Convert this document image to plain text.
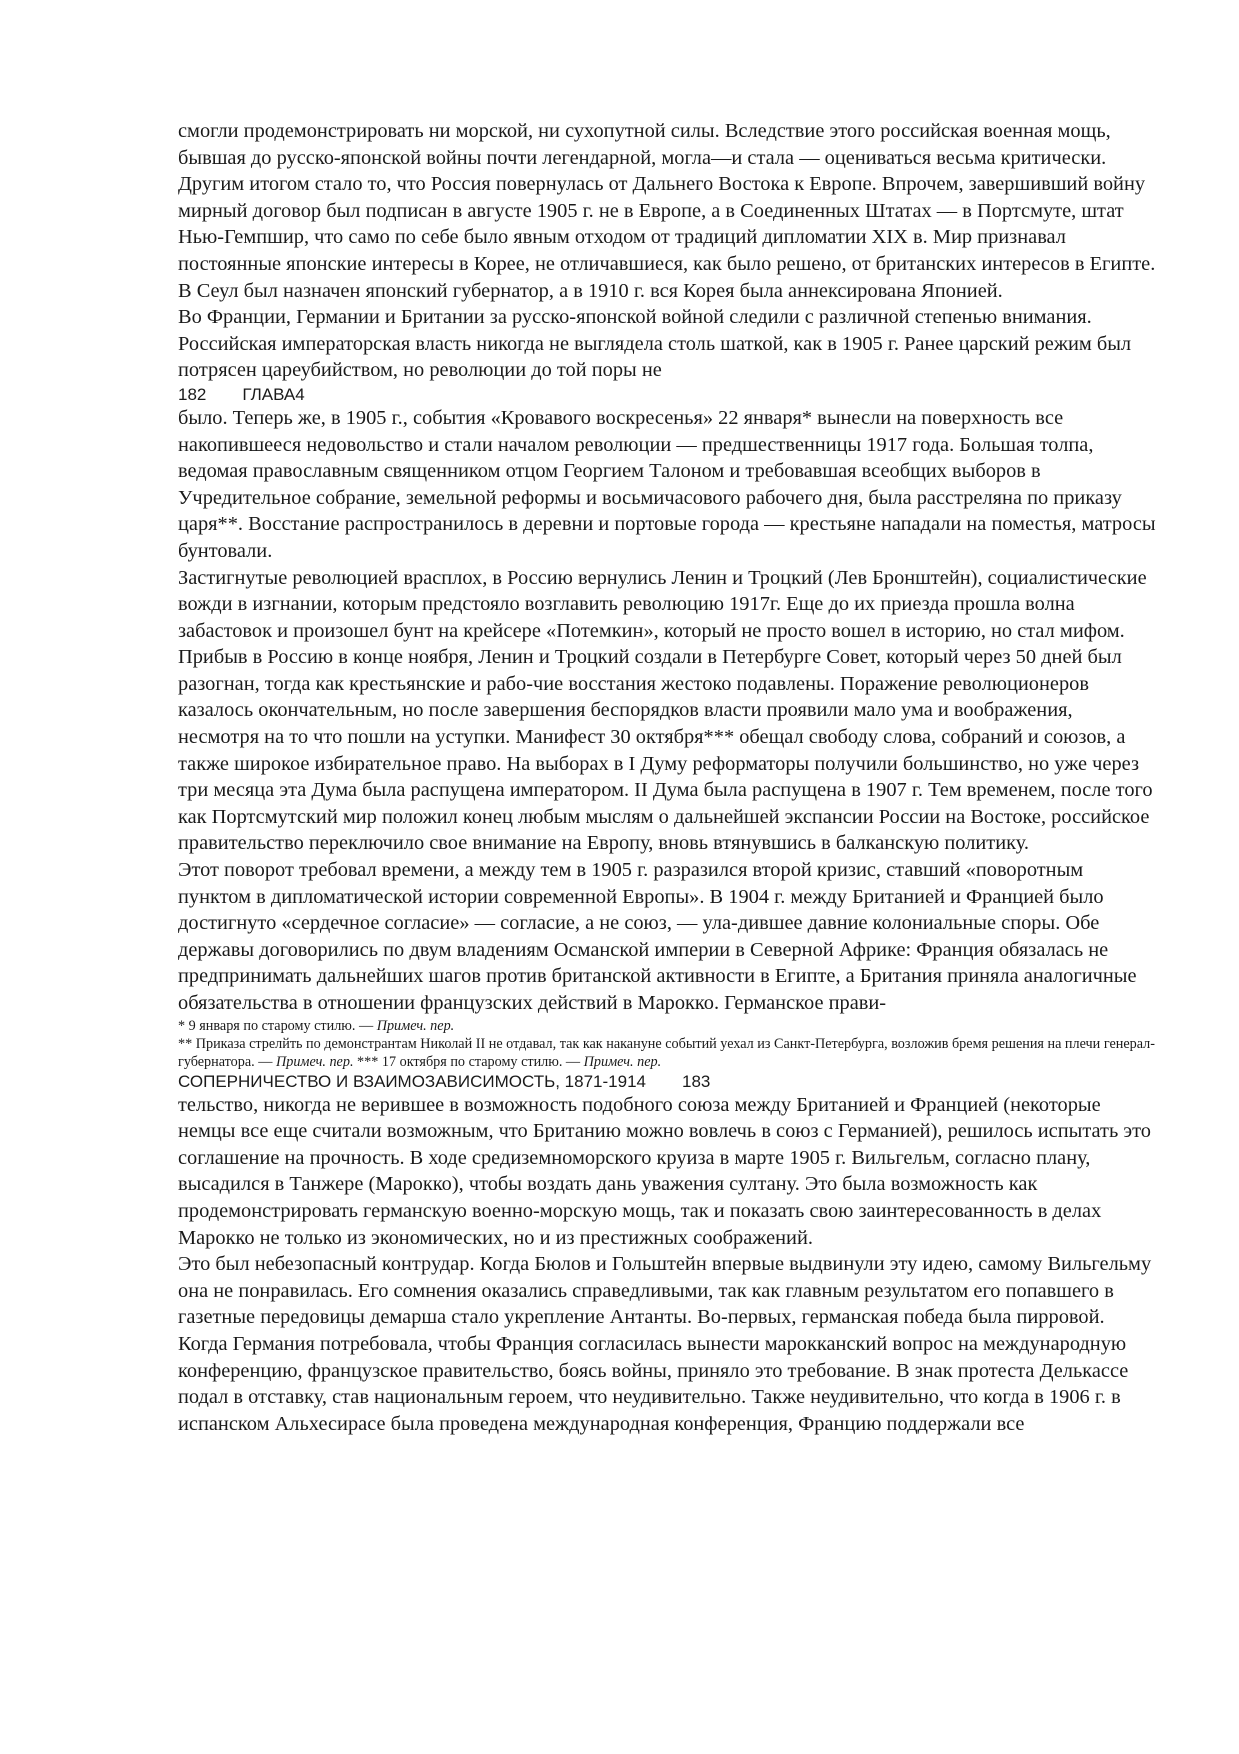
смогли продемонстрировать ни морской, ни сухопутной силы. Вследствие этого российская военная мощь, бывшая до русско-японской войны почти легендарной, могла—и стала — оцениваться весьма критически. Другим итогом стало то, что Россия повернулась от Дальнего Востока к Европе. Впрочем, завершивший войну мирный договор был подписан в августе 1905 г. не в Европе, а в Соединенных Штатах — в Портсмуте, штат Нью-Гемпшир, что само по себе было явным отходом от традиций дипломатии XIX в. Мир признавал постоянные японские интересы в Корее, не отличавшиеся, как было решено, от британских интересов в Египте. В Сеул был назначен японский губернатор, а в 1910 г. вся Корея была аннексирована Японией.

Во Франции, Германии и Британии за русско-японской войной следили с различной степенью внимания. Российская императорская власть никогда не выглядела столь шаткой, как в 1905 г. Ранее царский режим был потрясен цареубийством, но революции до той поры не

182 ГЛАВА4

было. Теперь же, в 1905 г., события «Кровавого воскресенья» 22 января* вынесли на поверхность все накопившееся недовольство и стали началом революции — предшественницы 1917 года. Большая толпа, ведомая православным священником отцом Георгием Талоном и требовавшая всеобщих выборов в Учредительное собрание, земельной реформы и восьмичасового рабочего дня, была расстреляна по приказу царя**. Восстание распространилось в деревни и портовые города — крестьяне нападали на поместья, матросы бунтовали.

Застигнутые революцией врасплох, в Россию вернулись Ленин и Троцкий (Лев Бронштейн), социалистические вожди в изгнании, которым предстояло возглавить революцию 1917г. Еще до их приезда прошла волна забастовок и произошел бунт на крейсере «Потемкин», который не просто вошел в историю, но стал мифом. Прибыв в Россию в конце ноября, Ленин и Троцкий создали в Петербурге Совет, который через 50 дней был разогнан, тогда как крестьянские и рабо-чие восстания жестоко подавлены. Поражение революционеров казалось окончательным, но после завершения беспорядков власти проявили мало ума и воображения, несмотря на то что пошли на уступки. Манифест 30 октября*** обещал свободу слова, собраний и союзов, а также широкое избирательное право. На выборах в I Думу реформаторы получили большинство, но уже через три месяца эта Дума была распущена императором. II Дума была распущена в 1907 г. Тем временем, после того как Портсмутский мир положил конец любым мыслям о дальнейшей экспансии России на Востоке, российское правительство переключило свое внимание на Европу, вновь втянувшись в балканскую политику.

Этот поворот требовал времени, а между тем в 1905 г. разразился второй кризис, ставший «поворотным пунктом в дипломатической истории современной Европы». В 1904 г. между Британией и Францией было достигнуто «сердечное согласие» — согласие, а не союз, — ула-дившее давние колониальные споры. Обе державы договорились по двум владениям Османской империи в Северной Африке: Франция обязалась не предпринимать дальнейших шагов против британской активности в Египте, а Британия приняла аналогичные обязательства в отношении французских действий в Марокко. Германское прави-

* 9 января по старому стилю. — Примеч. пер.
** Приказа стрелйть по демонстрантам Николай II не отдавал, так как накануне событий уехал из Санкт-Петербурга, возложив бремя решения на плечи генерал-губернатора. — Примеч. пер. *** 17 октября по старому стилю. — Примеч. пер.
СОПЕРНИЧЕСТВО И ВЗАИМОЗАВИСИМОСТЬ, 1871-1914 183

тельство, никогда не верившее в возможность подобного союза между Британией и Францией (некоторые немцы все еще считали возможным, что Британию можно вовлечь в союз с Германией), решилось испытать это соглашение на прочность. В ходе средиземноморского круиза в марте 1905 г. Вильгельм, согласно плану, высадился в Танжере (Марокко), чтобы воздать дань уважения султану. Это была возможность как продемонстрировать германскую военно-морскую мощь, так и показать свою заинтересованность в делах Марокко не только из экономических, но и из престижных соображений.

Это был небезопасный контрудар. Когда Бюлов и Гольштейн впервые выдвинули эту идею, самому Вильгельму она не понравилась. Его сомнения оказались справедливыми, так как главным результатом его попавшего в газетные передовицы демарша стало укрепление Антанты. Во-первых, германская победа была пирровой. Когда Германия потребовала, чтобы Франция согласилась вынести марокканский вопрос на международную конференцию, французское правительство, боясь войны, приняло это требование. В знак протеста Делькассе подал в отставку, став национальным героем, что неудивительно. Также неудивительно, что когда в 1906 г. в испанском Альхесирасе была проведена международная конференция, Францию поддержали все
